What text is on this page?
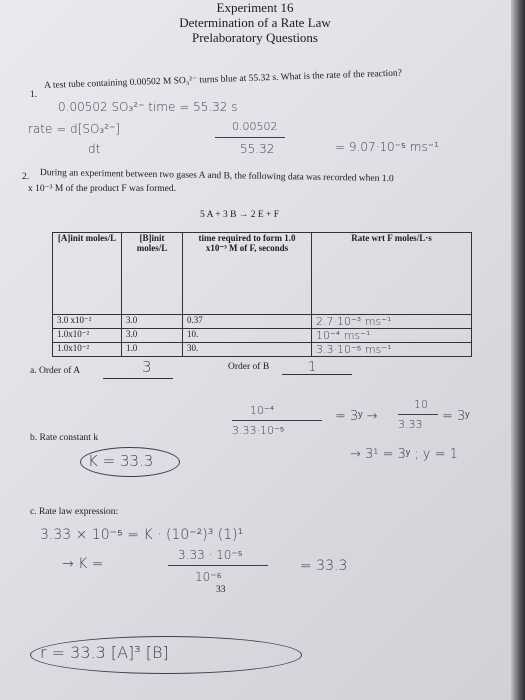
Experiment 16
Determination of a Rate Law
Prelaboratory Questions
1.
A test tube containing 0.00502 M SO₃²⁻ turns blue at 55.32 s. What is the rate of the reaction?
0.00502 SO₃²⁻ time = 55.32 s
rate = d[SO₃²⁻]	0.00502
dt	55.32	= 9.07·10⁻⁵ ms⁻¹
2. During an experiment between two gases A and B, the following data was recorded when 1.0
x 10⁻³ M of the product F was formed.
5 A + 3 B → 2 E + F
[A]init moles/L	[B]init moles/L	time required to form 1.0 x10⁻³ M of F, seconds	Rate wrt F moles/L·s
3.0 x10⁻²	3.0	0.37	2.7·10⁻³ ms⁻¹
1.0x10⁻²	3.0	10.	10⁻⁴ ms⁻¹
1.0x10⁻²	1.0	30.	3.3·10⁻⁵ ms⁻¹
a. Order of A	3	Order of B	1
10⁻⁴
3.33·10⁻⁵
= 3ʸ →
10
3.33
= 3ʸ
→ 3¹ = 3ʸ ; y = 1
b. Rate constant k
K = 33.3
c. Rate law expression:
3.33 × 10⁻⁵ = K · (10⁻²)³ (1)¹
→ K =
3.33 · 10⁻⁵
10⁻⁶
= 33.3
33
r = 33.3 [A]³ [B]
